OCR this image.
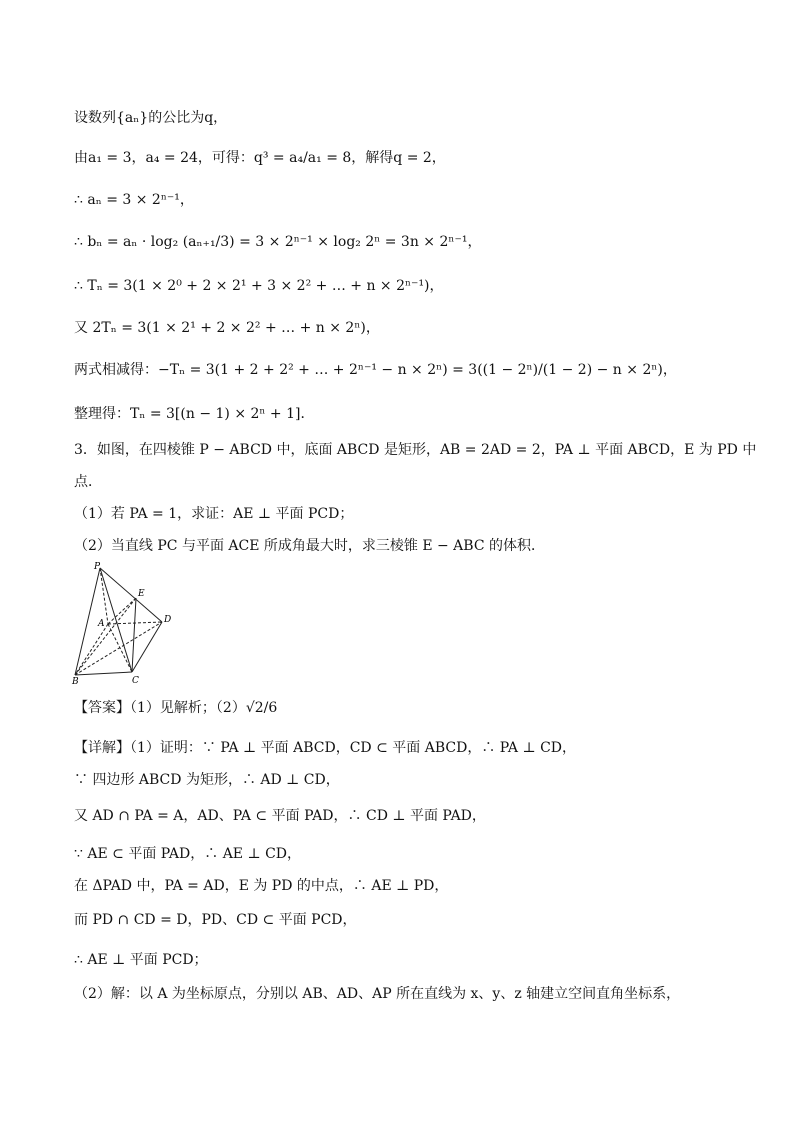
设数列{aₙ}的公比为q，
由a₁ = 3，a₄ = 24，可得：q³ = a₄/a₁ = 8，解得q = 2，
∴ aₙ = 3 × 2ⁿ⁻¹，
∴ bₙ = aₙ · log₂ (aₙ₊₁/3) = 3 × 2ⁿ⁻¹ × log₂ 2ⁿ = 3n × 2ⁿ⁻¹，
∴ Tₙ = 3(1 × 2⁰ + 2 × 2¹ + 3 × 2² + … + n × 2ⁿ⁻¹)，
又 2Tₙ = 3(1 × 2¹ + 2 × 2² + … + n × 2ⁿ)，
两式相减得：−Tₙ = 3(1 + 2 + 2² + … + 2ⁿ⁻¹ − n × 2ⁿ) = 3((1 − 2ⁿ)/(1 − 2) − n × 2ⁿ)，
整理得：Tₙ = 3[(n − 1) × 2ⁿ + 1]．
3．如图，在四棱锥 P − ABCD 中，底面 ABCD 是矩形，AB = 2AD = 2，PA ⊥ 平面 ABCD，E 为 PD 中
点．
（1）若 PA = 1，求证：AE ⊥ 平面 PCD；
（2）当直线 PC 与平面 ACE 所成角最大时，求三棱锥 E − ABC 的体积．
P
E
A	D
B	C
【答案】（1）见解析；（2）√2/6
【详解】（1）证明：∵ PA ⊥ 平面 ABCD，CD ⊂ 平面 ABCD，∴ PA ⊥ CD，
∵ 四边形 ABCD 为矩形，∴ AD ⊥ CD，
又 AD ∩ PA = A，AD、PA ⊂ 平面 PAD，∴ CD ⊥ 平面 PAD，
∵ AE ⊂ 平面 PAD，∴ AE ⊥ CD，
在 ΔPAD 中，PA = AD，E 为 PD 的中点，∴ AE ⊥ PD，
而 PD ∩ CD = D，PD、CD ⊂ 平面 PCD，
∴ AE ⊥ 平面 PCD；
（2）解：以 A 为坐标原点，分别以 AB、AD、AP 所在直线为 x、y、z 轴建立空间直角坐标系，
